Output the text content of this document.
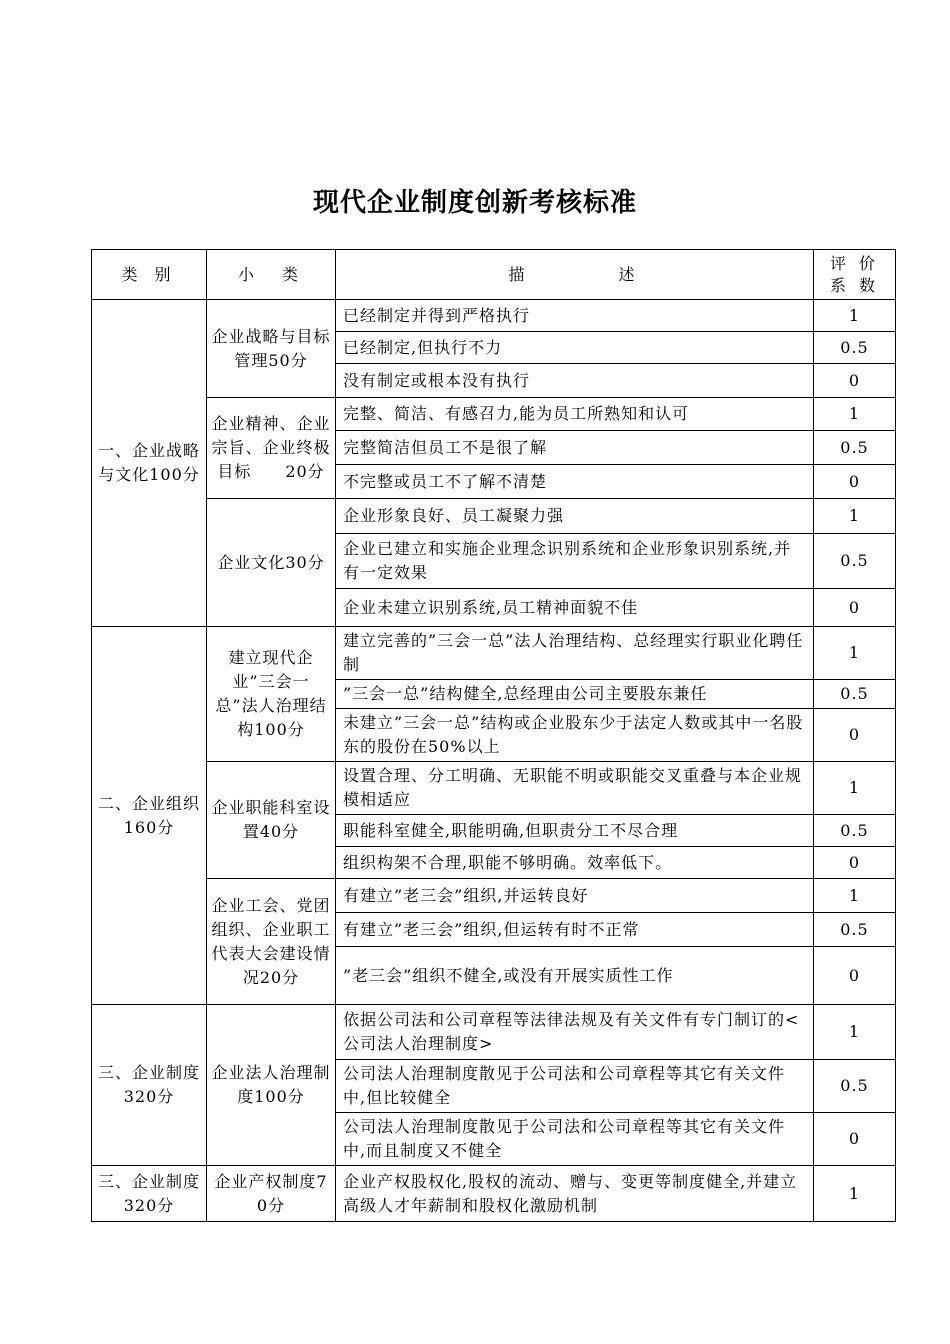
现代企业制度创新考核标准
类 别	小　类	描　　　　述	评 价
系 数

一、企业战略与文化100分	企业战略与目标管理50分	已经制定并得到严格执行	1
		已经制定,但执行不力	0.5
		没有制定或根本没有执行	0
	企业精神、企业宗旨、企业终极目标　　20分	完整、简洁、有感召力,能为员工所熟知和认可	1
		完整简洁但员工不是很了解	0.5
		不完整或员工不了解不清楚	0
	企业文化30分	企业形象良好、员工凝聚力强	1
		企业已建立和实施企业理念识别系统和企业形象识别系统,并有一定效果	0.5
		企业未建立识别系统,员工精神面貌不佳	0
二、企业组织160分	建立现代企业”三会一总”法人治理结构100分	建立完善的”三会一总”法人治理结构、总经理实行职业化聘任制	1
		”三会一总”结构健全,总经理由公司主要股东兼任	0.5
		未建立”三会一总”结构或企业股东少于法定人数或其中一名股东的股份在50%以上	0
	企业职能科室设置40分	设置合理、分工明确、无职能不明或职能交叉重叠与本企业规模相适应	1
		职能科室健全,职能明确,但职责分工不尽合理	0.5
		组织构架不合理,职能不够明确。效率低下。	0
	企业工会、党团组织、企业职工代表大会建设情况20分	有建立”老三会”组织,并运转良好	1
		有建立”老三会”组织,但运转有时不正常	0.5
		”老三会”组织不健全,或没有开展实质性工作	0
三、企业制度320分	企业法人治理制度100分	依据公司法和公司章程等法律法规及有关文件有专门制订的<公司法人治理制度>	1
		公司法人治理制度散见于公司法和公司章程等其它有关文件中,但比较健全	0.5
		公司法人治理制度散见于公司法和公司章程等其它有关文件中,而且制度又不健全	0
三、企业制度320分	企业产权制度70分	企业产权股权化,股权的流动、赠与、变更等制度健全,并建立高级人才年薪制和股权化激励机制	1
